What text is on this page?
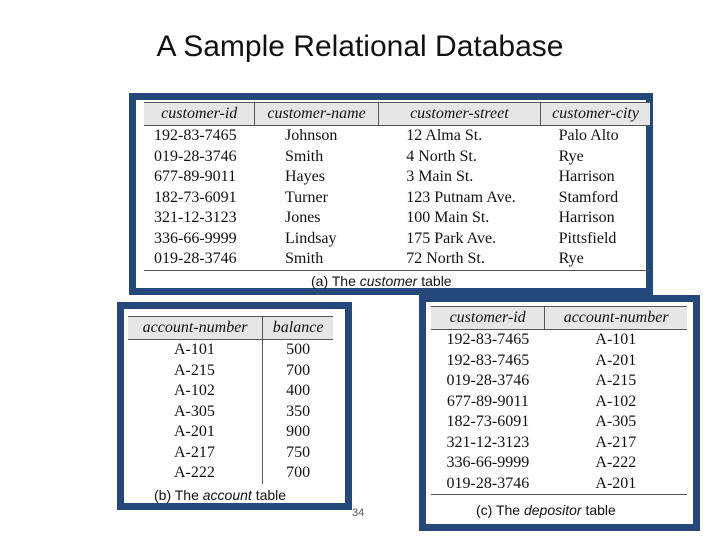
A Sample Relational Database
customer-id	customer-name	customer-street	customer-city
192-83-7465	Johnson	12 Alma St.	Palo Alto
019-28-3746	Smith	4 North St.	Rye
677-89-9011	Hayes	3 Main St.	Harrison
182-73-6091	Turner	123 Putnam Ave.	Stamford
321-12-3123	Jones	100 Main St.	Harrison
336-66-9999	Lindsay	175 Park Ave.	Pittsfield
019-28-3746	Smith	72 North St.	Rye
(a) The customer table
account-number	balance
A-101	500
A-215	700
A-102	400
A-305	350
A-201	900
A-217	750
A-222	700
(b) The account table
customer-id	account-number
192-83-7465	A-101
192-83-7465	A-201
019-28-3746	A-215
677-89-9011	A-102
182-73-6091	A-305
321-12-3123	A-217
336-66-9999	A-222
019-28-3746	A-201
(c) The depositor table
34
